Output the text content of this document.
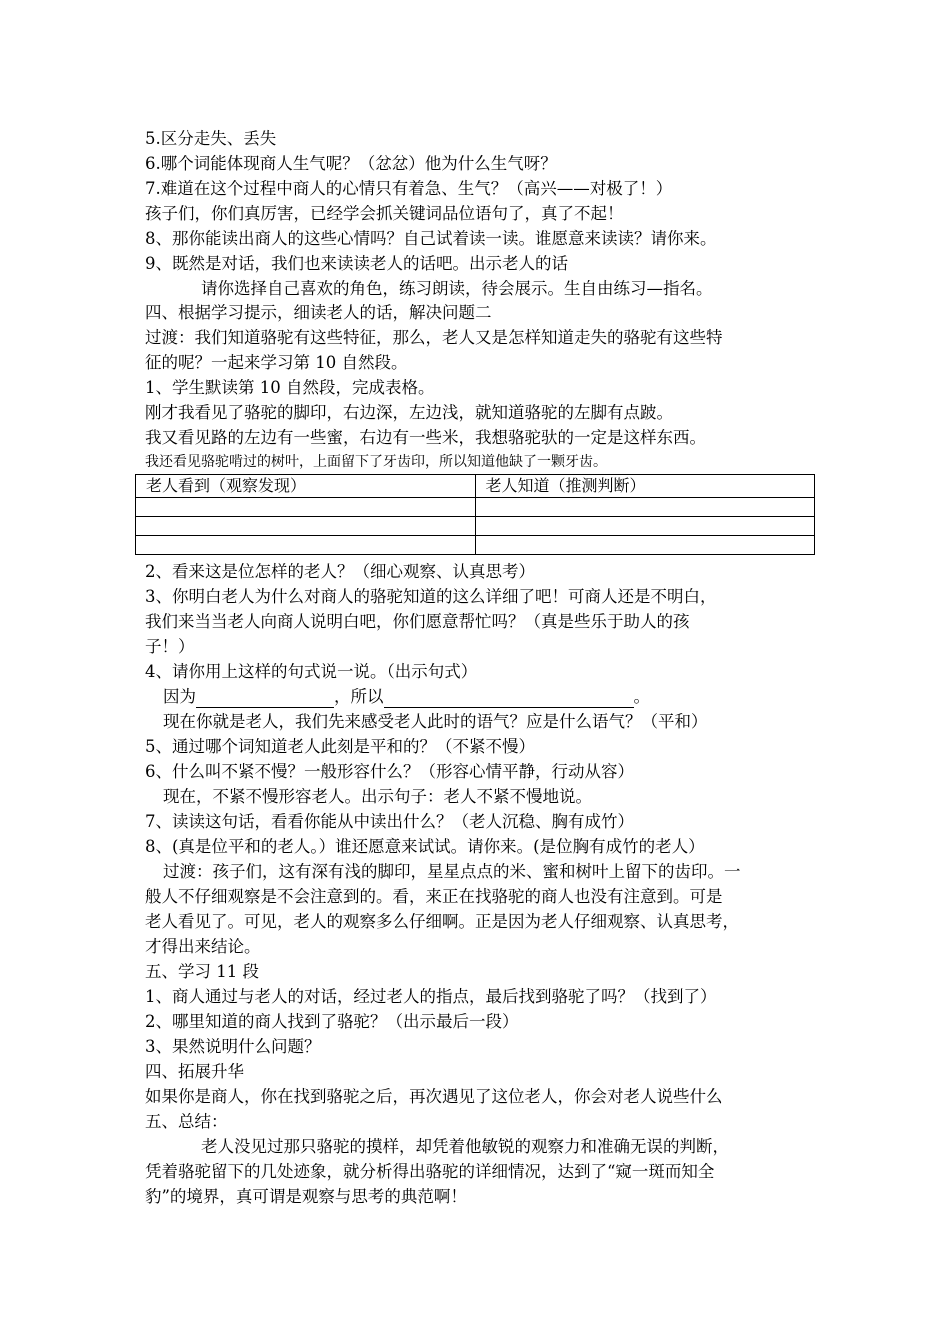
5.区分走失、丢失
6.哪个词能体现商人生气呢？（忿忿）他为什么生气呀？
7.难道在这个过程中商人的心情只有着急、生气？（高兴——对极了！）
孩子们，你们真厉害，已经学会抓关键词品位语句了，真了不起！
8、那你能读出商人的这些心情吗？自己试着读一读。谁愿意来读读？请你来。
9、既然是对话，我们也来读读老人的话吧。出示老人的话
请你选择自己喜欢的角色，练习朗读，待会展示。生自由练习—指名。
四、根据学习提示，细读老人的话，解决问题二
过渡：我们知道骆驼有这些特征，那么，老人又是怎样知道走失的骆驼有这些特
征的呢？一起来学习第 10 自然段。
1、学生默读第 10 自然段，完成表格。
刚才我看见了骆驼的脚印，右边深，左边浅，就知道骆驼的左脚有点跛。
我又看见路的左边有一些蜜，右边有一些米，我想骆驼驮的一定是这样东西。
我还看见骆驼啃过的树叶，上面留下了牙齿印，所以知道他缺了一颗牙齿。
老人看到（观察发现）	老人知道（推测判断）

2、看来这是位怎样的老人？（细心观察、认真思考）
3、你明白老人为什么对商人的骆驼知道的这么详细了吧！可商人还是不明白，
我们来当当老人向商人说明白吧，你们愿意帮忙吗？（真是些乐于助人的孩
子！）
4、请你用上这样的句式说一说。（出示句式）
因为	，所以	。
现在你就是老人，我们先来感受老人此时的语气？应是什么语气？（平和）
5、通过哪个词知道老人此刻是平和的？（不紧不慢）
6、什么叫不紧不慢？一般形容什么？（形容心情平静，行动从容）
现在，不紧不慢形容老人。出示句子：老人不紧不慢地说。
7、读读这句话，看看你能从中读出什么？（老人沉稳、胸有成竹）
8、(真是位平和的老人。）谁还愿意来试试。请你来。(是位胸有成竹的老人）
过渡：孩子们，这有深有浅的脚印，星星点点的米、蜜和树叶上留下的齿印。一
般人不仔细观察是不会注意到的。看，来正在找骆驼的商人也没有注意到。可是
老人看见了。可见，老人的观察多么仔细啊。正是因为老人仔细观察、认真思考，
才得出来结论。
五、学习 11 段
1、商人通过与老人的对话，经过老人的指点，最后找到骆驼了吗？（找到了）
2、哪里知道的商人找到了骆驼？（出示最后一段）
3、果然说明什么问题？
四、拓展升华
如果你是商人，你在找到骆驼之后，再次遇见了这位老人，你会对老人说些什么
五、总结：
老人没见过那只骆驼的摸样，却凭着他敏锐的观察力和准确无误的判断，
凭着骆驼留下的几处迹象，就分析得出骆驼的详细情况，达到了“窥一斑而知全
豹”的境界，真可谓是观察与思考的典范啊！
